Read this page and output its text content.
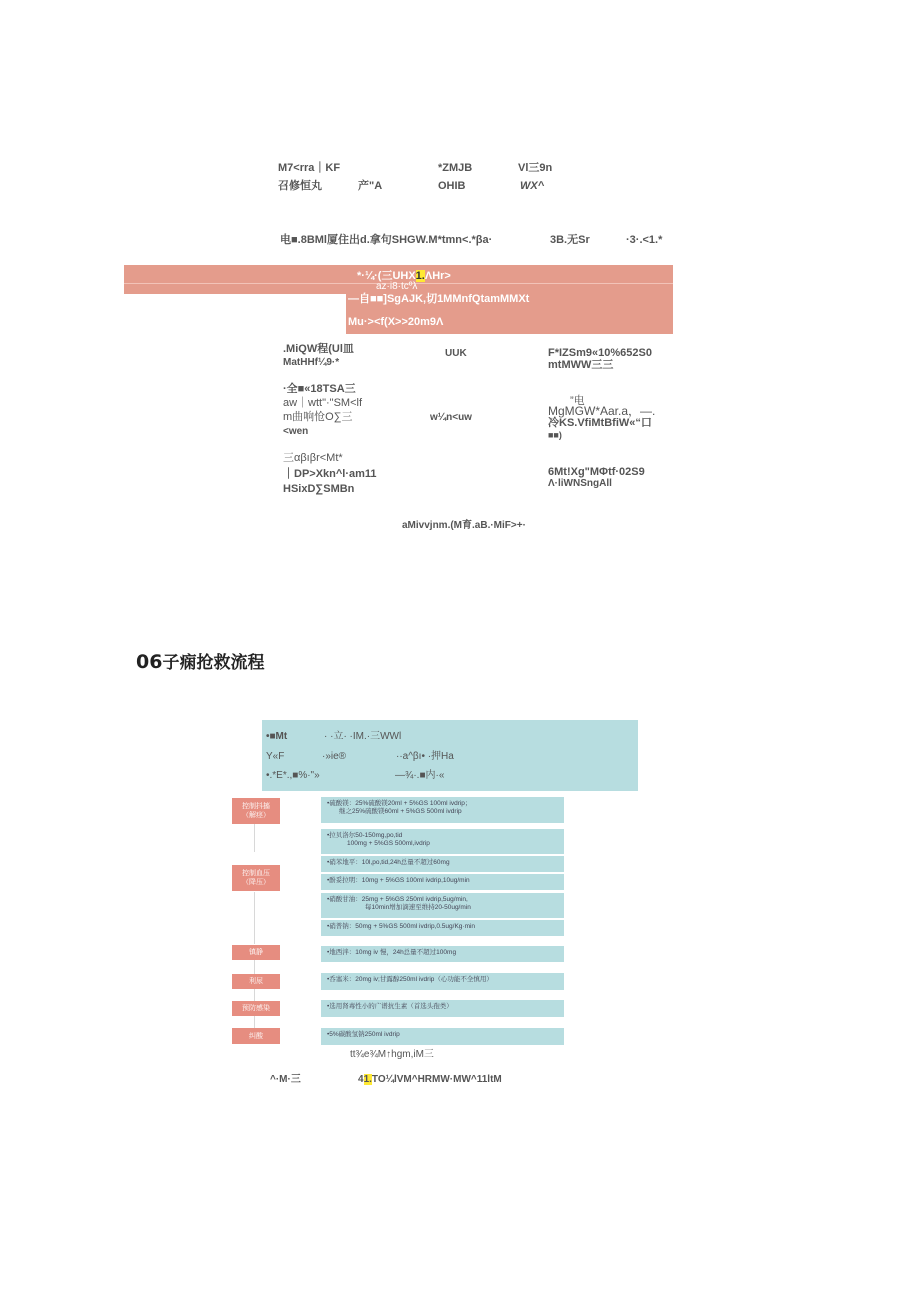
M7<rra｜KF	*ZMJB	Vl三9n
召修恒丸	产"A	OHIB	WX^
电■.8BMl厦住出d.拿句SHGW.M*tmn<.*βa·	3B.无Sr	·3·.<1.*
*·¼·(三UHX1.ΛHr>
az·i8·tcºλ
—自■■]SgAJK,切1MMnfQtamMMXt
Mu·><f(X>>20m9Λ
.MiQW程(Ul皿
MatHHf¼9·*
UUK	F*IZSm9«10%652S0
mtMWW三三
·全■«18TSA三
aw｜wtt"·"SM<lf
m曲响怆O∑三
<wen
w¼n<uw
”电
MgMGW*Aar.a，—.
冷KS.VfiMtBfiW«“口
■■)
三αβıβr<Mt*
｜DP>Xkn^l·am11
HSixD∑SMBn
6Mt!Xg"MΦtf·02S9
Λ·liWNSngAll
aMivvjnm.(M育.aB.·MiF>+·
06子痫抢救流程
•■Mt	· ·立· ·IM.·三WWl
Y«F	·»ie®	··a^βı• ·押Ha
•.*E*.,■%·"»	—¾·.■内·«
控制抖搐
（解痉）
•硫酸镁：25%硫酸镁20ml + 5%GS 100ml ivdrip；
继之25%硫酸镁60ml + 5%GS 500ml ivdrip
控制血压
（降压）
•拉贝洛尔50-150mg,po,tid
100mg + 5%GS 500ml,ivdrip
•硝苯地平：10l,po,tid,24h总量不超过60mg
•酚妥拉明：10mg + 5%GS 100ml ivdrip,10ug/min
•硝酸甘油：25mg + 5%GS 250ml ivdrip,5ug/min,
每10min增加滴速至维持20-50ug/min
•硝普钠：50mg + 5%GS 500ml ivdrip,0.5ug/Kg·min
镇静	•地西泮：10mg iv 慢，24h总量不超过100mg
利尿	•呑塞米：20mg iv;甘露醇250ml ivdrip（心功能不全慎用）
预防感染	•选用肾毒性小的广谱抗生素（首选头孢类）
纠酸	•5%碳酸氢钠250ml ivdrip
tt¾e¾M↑hgm,iM三
^·M·三	41.TO¼lVM^HRMW·MW^11ltM
